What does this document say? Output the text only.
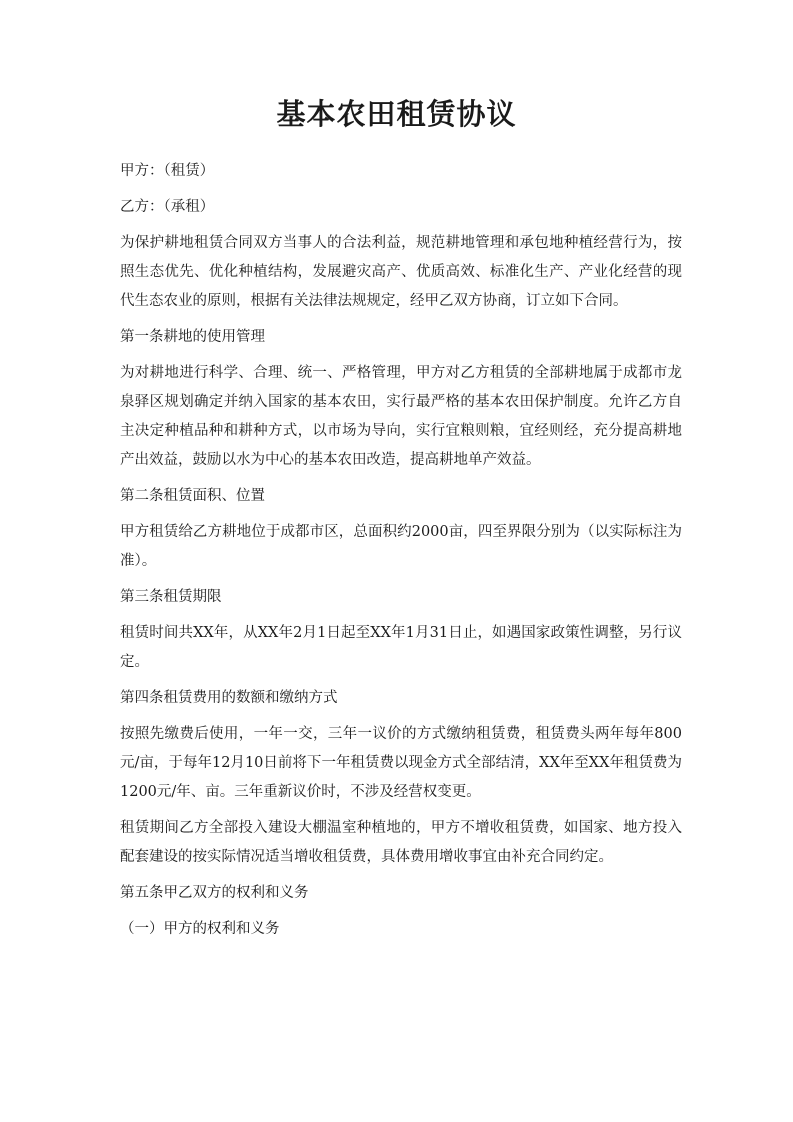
基本农田租赁协议

甲方：（租赁）

乙方：（承租）

为保护耕地租赁合同双方当事人的合法利益，规范耕地管理和承包地种植经营行为，按照生态优先、优化种植结构，发展避灾高产、优质高效、标准化生产、产业化经营的现代生态农业的原则，根据有关法律法规规定，经甲乙双方协商，订立如下合同。

第一条耕地的使用管理

为对耕地进行科学、合理、统一、严格管理，甲方对乙方租赁的全部耕地属于成都市龙泉驿区规划确定并纳入国家的基本农田，实行最严格的基本农田保护制度。允许乙方自主决定种植品种和耕种方式，以市场为导向，实行宜粮则粮，宜经则经，充分提高耕地产出效益，鼓励以水为中心的基本农田改造，提高耕地单产效益。

第二条租赁面积、位置

甲方租赁给乙方耕地位于成都市区，总面积约2000亩，四至界限分别为（以实际标注为准）。

第三条租赁期限

租赁时间共XX年，从XX年2月1日起至XX年1月31日止，如遇国家政策性调整，另行议定。

第四条租赁费用的数额和缴纳方式

按照先缴费后使用，一年一交，三年一议价的方式缴纳租赁费，租赁费头两年每年800元/亩，于每年12月10日前将下一年租赁费以现金方式全部结清，XX年至XX年租赁费为1200元/年、亩。三年重新议价时，不涉及经营权变更。

租赁期间乙方全部投入建设大棚温室种植地的，甲方不增收租赁费，如国家、地方投入配套建设的按实际情况适当增收租赁费，具体费用增收事宜由补充合同约定。

第五条甲乙双方的权利和义务

（一）甲方的权利和义务
